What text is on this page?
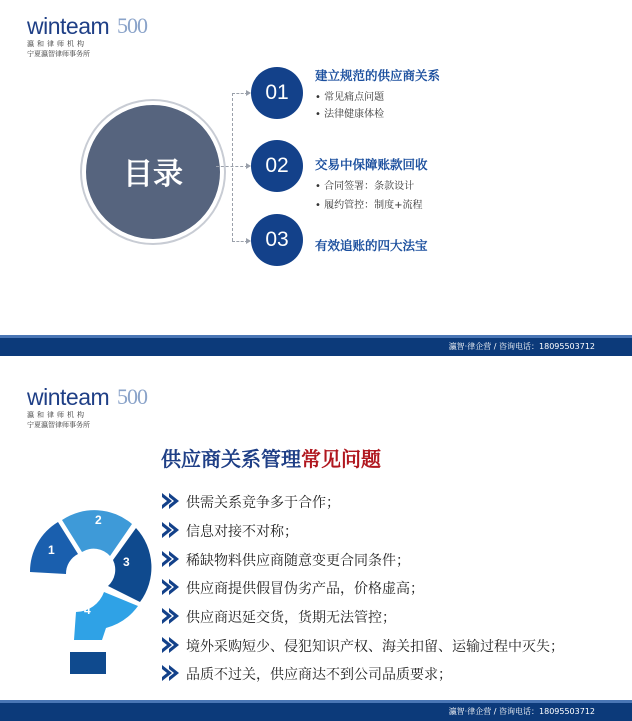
winteam 500
瀛和律师机构
宁夏瀛智律师事务所
目录
01
建立规范的供应商关系
• 常见痛点问题
• 法律健康体检
02	交易中保障账款回收
• 合同签署：条款设计
• 履约管控：制度+流程
03	有效追账的四大法宝
瀛智·律企营 / 咨询电话：18095503712
winteam 500
瀛和律师机构
宁夏瀛智律师事务所
供应商关系管理常见问题
1
2
3
4
供需关系竞争多于合作；
信息对接不对称；
稀缺物料供应商随意变更合同条件；
供应商提供假冒伪劣产品，价格虚高；
供应商迟延交货，货期无法管控；
境外采购短少、侵犯知识产权、海关扣留、运输过程中灭失；
品质不过关，供应商达不到公司品质要求；
瀛智·律企营 / 咨询电话：18095503712
